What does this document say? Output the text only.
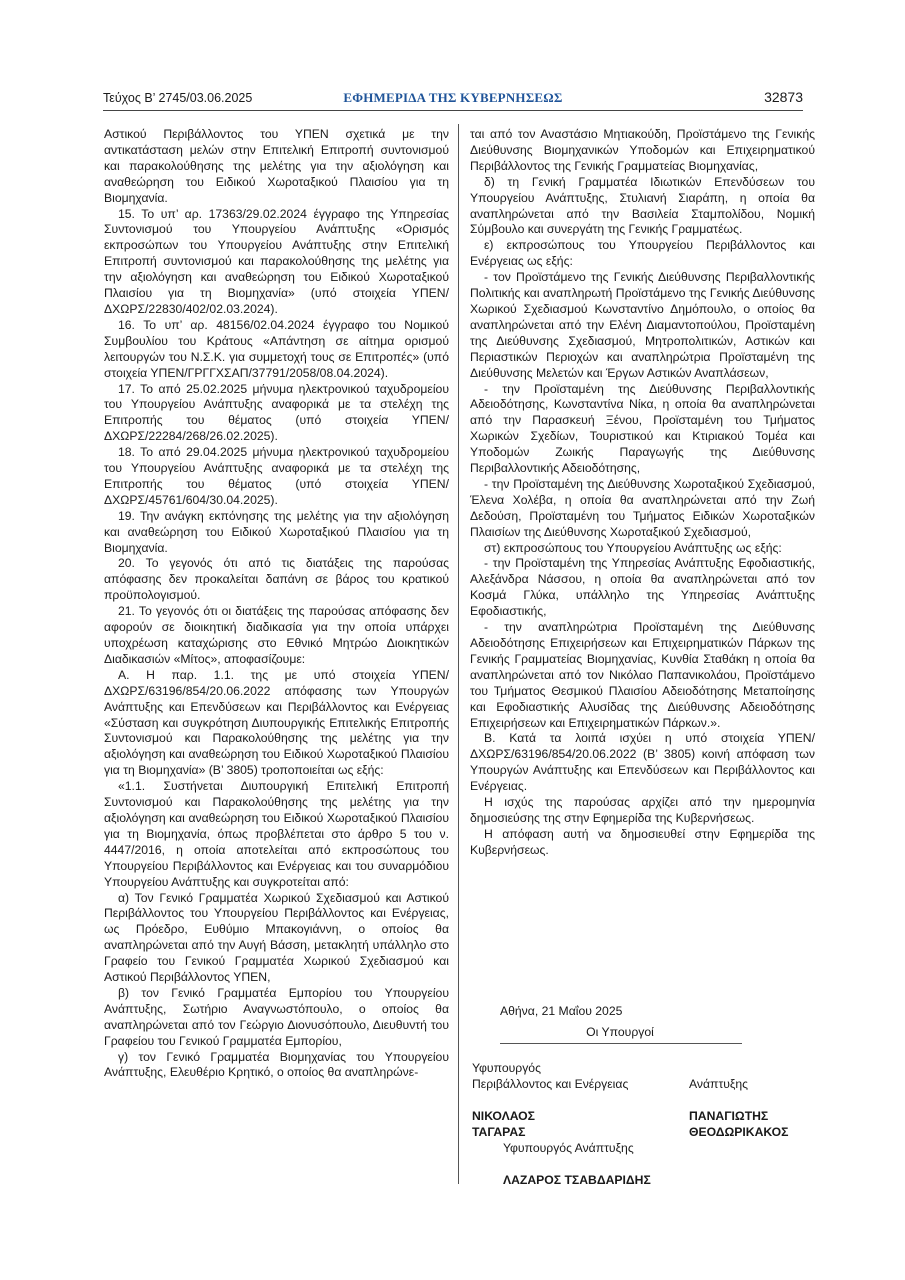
Τεύχος Β’ 2745/03.06.2025	ΕΦΗΜΕΡΙΔΑ ΤΗΣ ΚΥΒΕΡΝΗΣΕΩΣ	32873

Αστικού Περιβάλλοντος του ΥΠΕΝ σχετικά με την αντικατάσταση μελών στην Επιτελική Επιτροπή συντονισμού και παρακολούθησης της μελέτης για την αξιολόγηση και αναθεώρηση του Ειδικού Χωροταξικού Πλαισίου για τη Βιομηχανία.

15. Το υπ’ αρ. 17363/29.02.2024 έγγραφο της Υπηρεσίας Συντονισμού του Υπουργείου Ανάπτυξης «Ορισμός εκπροσώπων του Υπουργείου Ανάπτυξης στην Επιτελική Επιτροπή συντονισμού και παρακολούθησης της μελέτης για την αξιολόγηση και αναθεώρηση του Ειδικού Χωροταξικού Πλαισίου για τη Βιομηχανία» (υπό στοιχεία ΥΠΕΝ/ΔΧΩΡΣ/22830/402/02.03.2024).

16. Το υπ’ αρ. 48156/02.04.2024 έγγραφο του Νομικού Συμβουλίου του Κράτους «Απάντηση σε αίτημα ορισμού λειτουργών του Ν.Σ.Κ. για συμμετοχή τους σε Επιτροπές» (υπό στοιχεία ΥΠΕΝ/ΓΡΓΓΧΣΑΠ/37791/2058/08.04.2024).

17. Το από 25.02.2025 μήνυμα ηλεκτρονικού ταχυδρομείου του Υπουργείου Ανάπτυξης αναφορικά με τα στελέχη της Επιτροπής του θέματος (υπό στοιχεία ΥΠΕΝ/ΔΧΩΡΣ/22284/268/26.02.2025).

18. Το από 29.04.2025 μήνυμα ηλεκτρονικού ταχυδρομείου του Υπουργείου Ανάπτυξης αναφορικά με τα στελέχη της Επιτροπής του θέματος (υπό στοιχεία ΥΠΕΝ/ΔΧΩΡΣ/45761/604/30.04.2025).

19. Την ανάγκη εκπόνησης της μελέτης για την αξιολόγηση και αναθεώρηση του Ειδικού Χωροταξικού Πλαισίου για τη Βιομηχανία.

20. Το γεγονός ότι από τις διατάξεις της παρούσας απόφασης δεν προκαλείται δαπάνη σε βάρος του κρατικού προϋπολογισμού.

21. Το γεγονός ότι οι διατάξεις της παρούσας απόφασης δεν αφορούν σε διοικητική διαδικασία για την οποία υπάρχει υποχρέωση καταχώρισης στο Εθνικό Μητρώο Διοικητικών Διαδικασιών «Μίτος», αποφασίζουμε:

Α. Η παρ. 1.1. της με υπό στοιχεία ΥΠΕΝ/ΔΧΩΡΣ/63196/854/20.06.2022 απόφασης των Υπουργών Ανάπτυξης και Επενδύσεων και Περιβάλλοντος και Ενέργειας «Σύσταση και συγκρότηση Διυπουργικής Επιτελικής Επιτροπής Συντονισμού και Παρακολούθησης της μελέτης για την αξιολόγηση και αναθεώρηση του Ειδικού Χωροταξικού Πλαισίου για τη Βιομηχανία» (Β’ 3805) τροποποιείται ως εξής:

«1.1. Συστήνεται Διυπουργική Επιτελική Επιτροπή Συντονισμού και Παρακολούθησης της μελέτης για την αξιολόγηση και αναθεώρηση του Ειδικού Χωροταξικού Πλαισίου για τη Βιομηχανία, όπως προβλέπεται στο άρθρο 5 του ν. 4447/2016, η οποία αποτελείται από εκπροσώπους του Υπουργείου Περιβάλλοντος και Ενέργειας και του συναρμόδιου Υπουργείου Ανάπτυξης και συγκροτείται από:

α) Τον Γενικό Γραμματέα Χωρικού Σχεδιασμού και Αστικού Περιβάλλοντος του Υπουργείου Περιβάλλοντος και Ενέργειας, ως Πρόεδρο, Ευθύμιο Μπακογιάννη, ο οποίος θα αναπληρώνεται από την Αυγή Βάσση, μετακλητή υπάλληλο στο Γραφείο του Γενικού Γραμματέα Χωρικού Σχεδιασμού και Αστικού Περιβάλλοντος ΥΠΕΝ,

β) τον Γενικό Γραμματέα Εμπορίου του Υπουργείου Ανάπτυξης, Σωτήριο Αναγνωστόπουλο, ο οποίος θα αναπληρώνεται από τον Γεώργιο Διονυσόπουλο, Διευθυντή του Γραφείου του Γενικού Γραμματέα Εμπορίου,

γ) τον Γενικό Γραμματέα Βιομηχανίας του Υπουργείου Ανάπτυξης, Ελευθέριο Κρητικό, ο οποίος θα αναπληρώνε-

ται από τον Αναστάσιο Μητιακούδη, Προϊστάμενο της Γενικής Διεύθυνσης Βιομηχανικών Υποδομών και Επιχειρηματικού Περιβάλλοντος της Γενικής Γραμματείας Βιομηχανίας,

δ) τη Γενική Γραμματέα Ιδιωτικών Επενδύσεων του Υπουργείου Ανάπτυξης, Στυλιανή Σιαράπη, η οποία θα αναπληρώνεται από την Βασιλεία Σταμπολίδου, Νομική Σύμβουλο και συνεργάτη της Γενικής Γραμματέως.

ε) εκπροσώπους του Υπουργείου Περιβάλλοντος και Ενέργειας ως εξής:

- τον Προϊστάμενο της Γενικής Διεύθυνσης Περιβαλλοντικής Πολιτικής και αναπληρωτή Προϊστάμενο της Γενικής Διεύθυνσης Χωρικού Σχεδιασμού Κωνσταντίνο Δημόπουλο, ο οποίος θα αναπληρώνεται από την Ελένη Διαμαντοπούλου, Προϊσταμένη της Διεύθυνσης Σχεδιασμού, Μητροπολιτικών, Αστικών και Περιαστικών Περιοχών και αναπληρώτρια Προϊσταμένη της Διεύθυνσης Μελετών και Έργων Αστικών Αναπλάσεων,

- την Προϊσταμένη της Διεύθυνσης Περιβαλλοντικής Αδειοδότησης, Κωνσταντίνα Νίκα, η οποία θα αναπληρώνεται από την Παρασκευή Ξένου, Προϊσταμένη του Τμήματος Χωρικών Σχεδίων, Τουριστικού και Κτιριακού Τομέα και Υποδομών Ζωικής Παραγωγής της Διεύθυνσης Περιβαλλοντικής Αδειοδότησης,

- την Προϊσταμένη της Διεύθυνσης Χωροταξικού Σχεδιασμού, Έλενα Χολέβα, η οποία θα αναπληρώνεται από την Ζωή Δεδούση, Προϊσταμένη του Τμήματος Ειδικών Χωροταξικών Πλαισίων της Διεύθυνσης Χωροταξικού Σχεδιασμού,

στ) εκπροσώπους του Υπουργείου Ανάπτυξης ως εξής:

- την Προϊσταμένη της Υπηρεσίας Ανάπτυξης Εφοδιαστικής, Αλεξάνδρα Νάσσου, η οποία θα αναπληρώνεται από τον Κοσμά Γλύκα, υπάλληλο της Υπηρεσίας Ανάπτυξης Εφοδιαστικής,

- την αναπληρώτρια Προϊσταμένη της Διεύθυνσης Αδειοδότησης Επιχειρήσεων και Επιχειρηματικών Πάρκων της Γενικής Γραμματείας Βιομηχανίας, Κυνθία Σταθάκη η οποία θα αναπληρώνεται από τον Νικόλαο Παπανικολάου, Προϊστάμενο του Τμήματος Θεσμικού Πλαισίου Αδειοδότησης Μεταποίησης και Εφοδιαστικής Αλυσίδας της Διεύθυνσης Αδειοδότησης Επιχειρήσεων και Επιχειρηματικών Πάρκων.».

Β. Κατά τα λοιπά ισχύει η υπό στοιχεία ΥΠΕΝ/ΔΧΩΡΣ/63196/854/20.06.2022 (Β’ 3805) κοινή απόφαση των Υπουργών Ανάπτυξης και Επενδύσεων και Περιβάλλοντος και Ενέργειας.

Η ισχύς της παρούσας αρχίζει από την ημερομηνία δημοσιεύσης της στην Εφημερίδα της Κυβερνήσεως.

Η απόφαση αυτή να δημοσιευθεί στην Εφημερίδα της Κυβερνήσεως.

Αθήνα, 21 Μαΐου 2025
Οι Υπουργοί
Υφυπουργός
Περιβάλλοντος και Ενέργειας
ΝΙΚΟΛΑΟΣ
ΤΑΓΑΡΑΣ
Ανάπτυξης
ΠΑΝΑΓΙΩΤΗΣ
ΘΕΟΔΩΡΙΚΑΚΟΣ
Υφυπουργός Ανάπτυξης
ΛΑΖΑΡΟΣ ΤΣΑΒΔΑΡΙΔΗΣ
